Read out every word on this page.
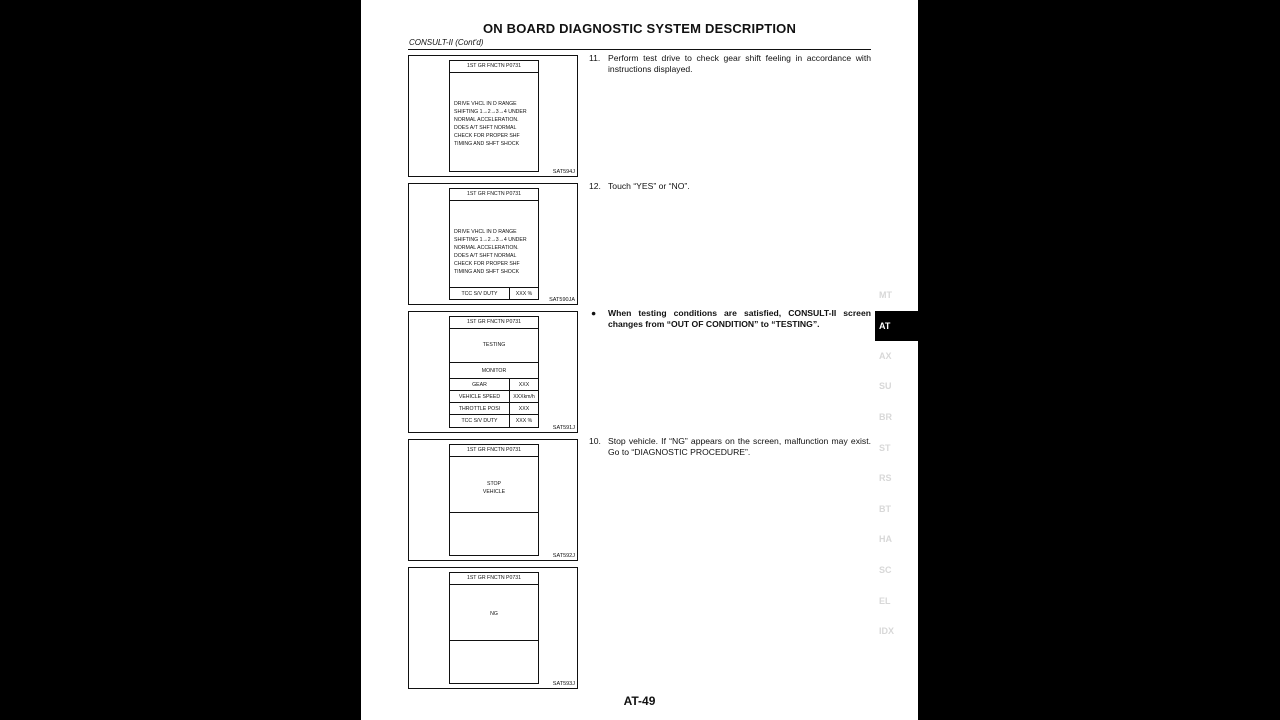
ON BOARD DIAGNOSTIC SYSTEM DESCRIPTION
CONSULT-II (Cont'd)
1ST GR FNCTN P0731
DRIVE VHCL IN D RANGE
SHIFTING 1→2→3→4 UNDER
NORMAL ACCELERATION.
DOES A/T SHFT NORMAL
CHECK FOR PROPER SHF
TIMING AND SHFT SHOCK
SAT594J
1ST GR FNCTN P0731
DRIVE VHCL IN D RANGE
SHIFTING 1→2→3→4 UNDER
NORMAL ACCELERATION.
DOES A/T SHFT NORMAL
CHECK FOR PROPER SHF
TIMING AND SHFT SHOCK
TCC S/V DUTY	XXX %
SAT590JA
1ST GR FNCTN P0731
TESTING
MONITOR
GEAR	XXX
VEHICLE SPEED	XXXkm/h
THROTTLE POSI	XXX
TCC S/V DUTY	XXX %
SAT591J
1ST GR FNCTN P0731
STOP
VEHICLE
SAT592J
1ST GR FNCTN P0731
NG
SAT593J
11. Perform test drive to check gear shift feeling in accordance with instructions displayed.
12. Touch “YES” or “NO”.
● When testing conditions are satisfied, CONSULT-II screen changes from “OUT OF CONDITION” to “TESTING”.
10. Stop vehicle. If “NG” appears on the screen, malfunction may exist. Go to “DIAGNOSTIC PROCEDURE”.
AT-49
MT
AT
AX
SU
BR
ST
RS
BT
HA
SC
EL
IDX
